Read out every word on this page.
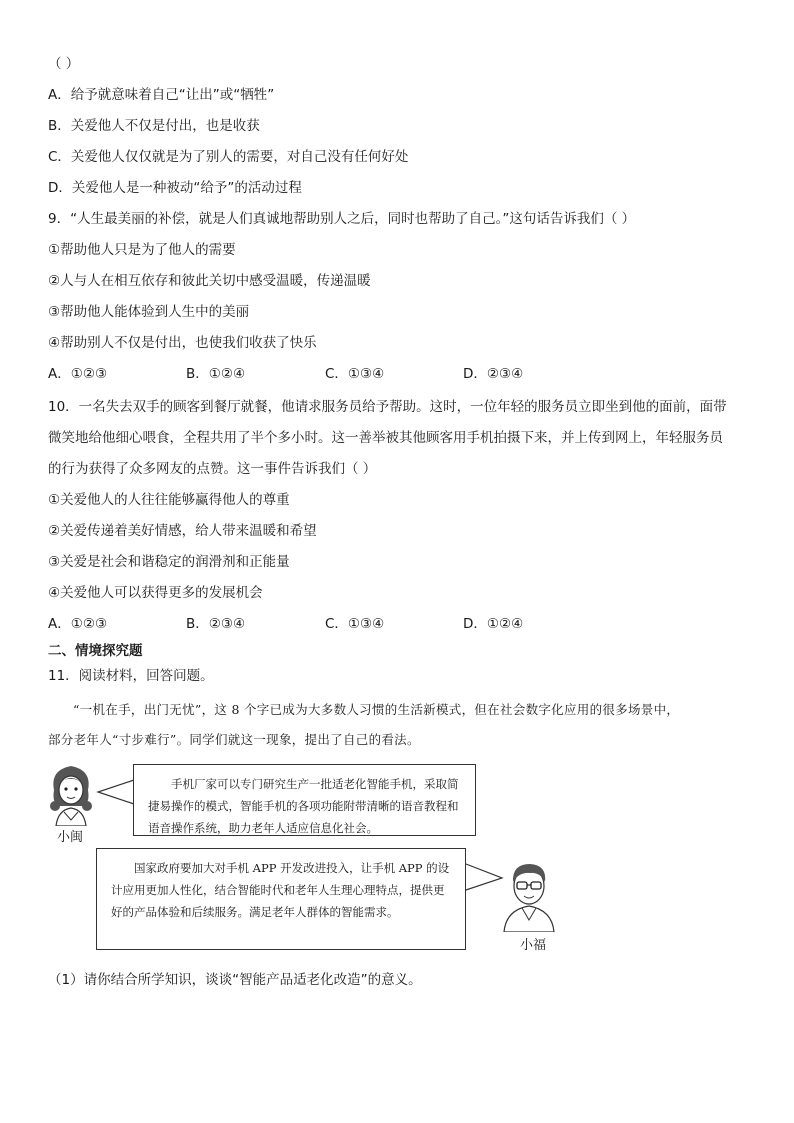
（ ）
A．给予就意味着自己“让出”或“牺牲”
B．关爱他人不仅是付出，也是收获
C．关爱他人仅仅就是为了别人的需要，对自己没有任何好处
D．关爱他人是一种被动“给予”的活动过程
9．“人生最美丽的补偿，就是人们真诚地帮助别人之后，同时也帮助了自己。”这句话告诉我们（ ）
①帮助他人只是为了他人的需要
②人与人在相互依存和彼此关切中感受温暖，传递温暖
③帮助他人能体验到人生中的美丽
④帮助别人不仅是付出，也使我们收获了快乐
A．①②③	B．①②④	C．①③④	D．②③④
10．一名失去双手的顾客到餐厅就餐，他请求服务员给予帮助。这时，一位年轻的服务员立即坐到他的面前，面带
微笑地给他细心喂食，全程共用了半个多小时。这一善举被其他顾客用手机拍摄下来，并上传到网上，年轻服务员
的行为获得了众多网友的点赞。这一事件告诉我们（ ）
①关爱他人的人往往能够赢得他人的尊重
②关爱传递着美好情感，给人带来温暖和希望
③关爱是社会和谐稳定的润滑剂和正能量
④关爱他人可以获得更多的发展机会
A．①②③	B．②③④	C．①③④	D．①②④
二、情境探究题
11．阅读材料，回答问题。

“一机在手，出门无忧”，这 8 个字已成为大多数人习惯的生活新模式，但在社会数字化应用的很多场景中，

部分老年人“寸步难行”。同学们就这一现象，提出了自己的看法。

小闽

手机厂家可以专门研究生产一批适老化智能手机，采取简捷易操作的模式，智能手机的各项功能附带清晰的语音教程和语音操作系统，助力老年人适应信息化社会。

国家政府要加大对手机 APP 开发改进投入，让手机 APP 的设计应用更加人性化，结合智能时代和老年人生理心理特点，提供更好的产品体验和后续服务。满足老年人群体的智能需求。

小福
（1）请你结合所学知识，谈谈“智能产品适老化改造”的意义。
